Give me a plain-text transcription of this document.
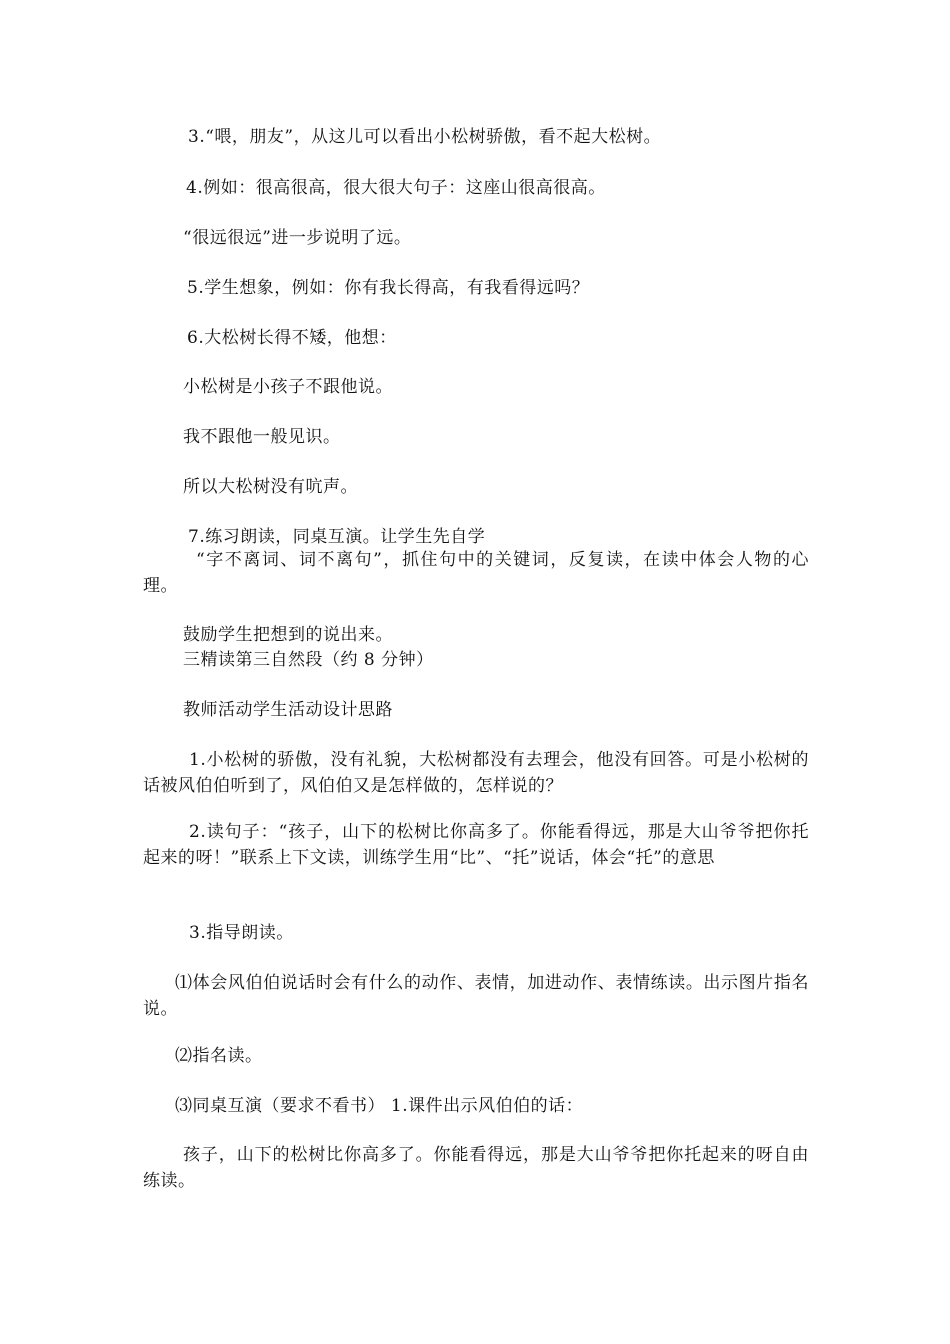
3.“喂，朋友”，从这儿可以看出小松树骄傲，看不起大松树。
4.例如：很高很高，很大很大句子：这座山很高很高。
“很远很远”进一步说明了远。
5.学生想象，例如：你有我长得高，有我看得远吗？
6.大松树长得不矮，他想：
小松树是小孩子不跟他说。
我不跟他一般见识。
所以大松树没有吭声。
7.练习朗读，同桌互演。让学生先自学
“字不离词、词不离句”，抓住句中的关键词，反复读，在读中体会人物的心理。
鼓励学生把想到的说出来。
三精读第三自然段（约 8 分钟）
教师活动学生活动设计思路
1.小松树的骄傲，没有礼貌，大松树都没有去理会，他没有回答。可是小松树的话被风伯伯听到了，风伯伯又是怎样做的，怎样说的？
2.读句子：“孩子，山下的松树比你高多了。你能看得远，那是大山爷爷把你托起来的呀！”联系上下文读，训练学生用“比”、“托”说话，体会“托”的意思
3.指导朗读。
⑴体会风伯伯说话时会有什么的动作、表情，加进动作、表情练读。出示图片指名说。
⑵指名读。
⑶同桌互演（要求不看书） 1.课件出示风伯伯的话：
孩子，山下的松树比你高多了。你能看得远，那是大山爷爷把你托起来的呀自由练读。
